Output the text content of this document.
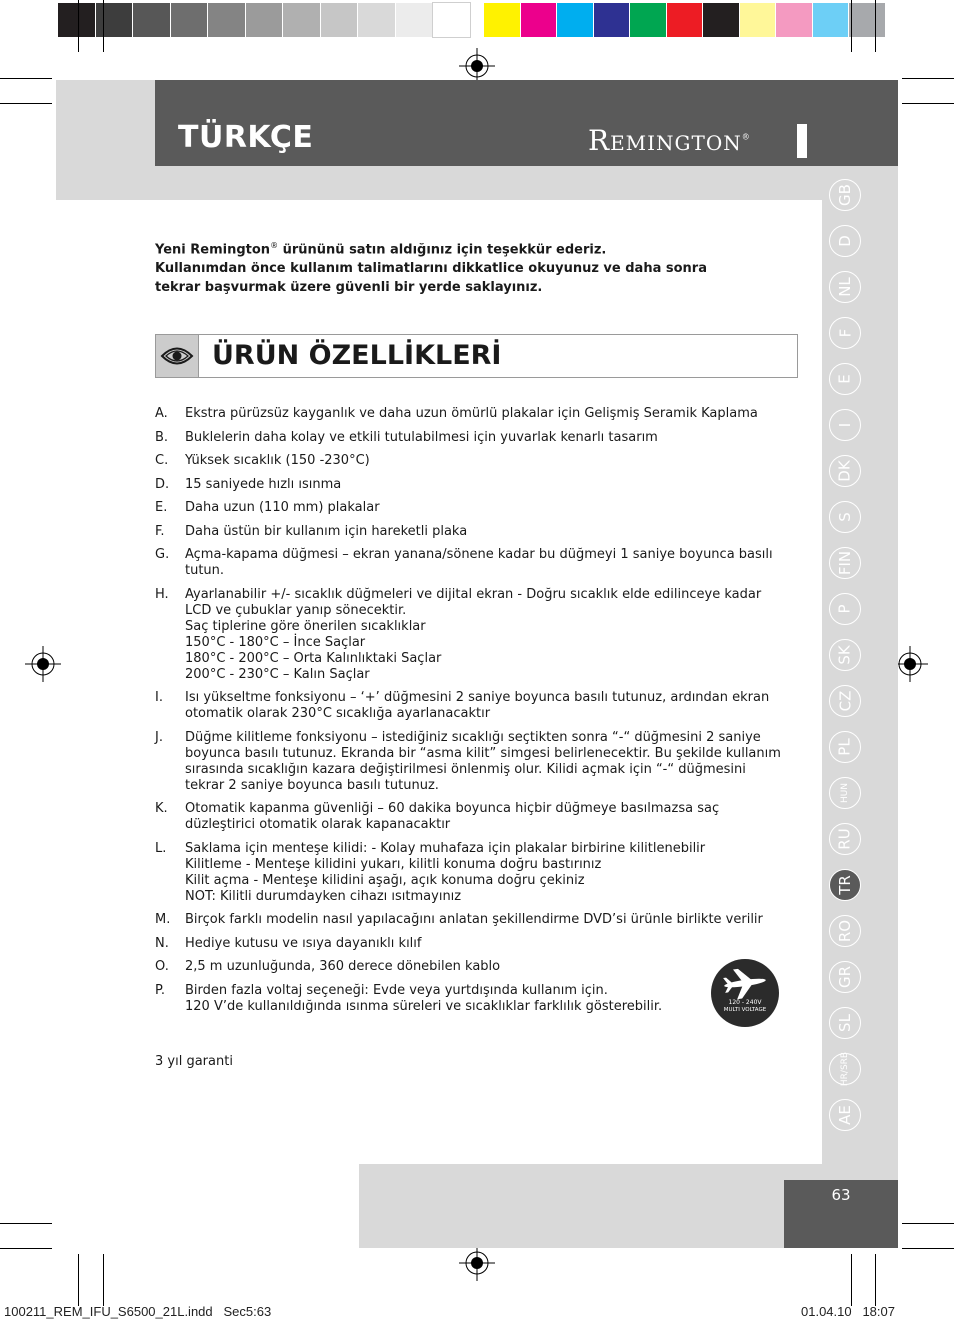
TÜRKÇE	Remington®
GB
D
NL
F
E
I
DK
S
FIN
P
SK
CZ
PL
HUN
RU
TR
RO
GR
SL
HR/SRB
AE

Yeni Remington® ürününü satın aldığınız için teşekkür ederiz.

Kullanımdan önce kullanım talimatlarını dikkatlice okuyunuz ve daha sonra

tekrar başvurmak üzere güvenli bir yerde saklayınız.

ÜRÜN ÖZELLİKLERİ
A.	Ekstra pürüzsüz kayganlık ve daha uzun ömürlü plakalar için Gelişmiş Seramik Kaplama
B.	Buklelerin daha kolay ve etkili tutulabilmesi için yuvarlak kenarlı tasarım
C.	Yüksek sıcaklık (150 -230°C)
D.	15 saniyede hızlı ısınma
E.	Daha uzun (110 mm) plakalar
F.	Daha üstün bir kullanım için hareketli plaka
G.	Açma-kapama düğmesi – ekran yanana/sönene kadar bu düğmeyi 1 saniye boyunca basılı
tutun.
H.	Ayarlanabilir +/- sıcaklık düğmeleri ve dijital ekran - Doğru sıcaklık elde edilinceye kadar
LCD ve çubuklar yanıp sönecektir.
Saç tiplerine göre önerilen sıcaklıklar
150°C - 180°C – İnce Saçlar
180°C - 200°C – Orta Kalınlıktaki Saçlar
200°C - 230°C – Kalın Saçlar
I.	Isı yükseltme fonksiyonu – ‘+’ düğmesini 2 saniye boyunca basılı tutunuz, ardından ekran
otomatik olarak 230°C sıcaklığa ayarlanacaktır
J.	Düğme kilitleme fonksiyonu – istediğiniz sıcaklığı seçtikten sonra “-“ düğmesini 2 saniye
boyunca basılı tutunuz. Ekranda bir “asma kilit” simgesi belirlenecektir. Bu şekilde kullanım
sırasında sıcaklığın kazara değiştirilmesi önlenmiş olur. Kilidi açmak için “-“ düğmesini
tekrar 2 saniye boyunca basılı tutunuz.
K.	Otomatik kapanma güvenliği – 60 dakika boyunca hiçbir düğmeye basılmazsa saç
düzleştirici otomatik olarak kapanacaktır
L.	Saklama için menteşe kilidi: - Kolay muhafaza için plakalar birbirine kilitlenebilir
Kilitleme - Menteşe kilidini yukarı, kilitli konuma doğru bastırınız
Kilit açma - Menteşe kilidini aşağı, açık konuma doğru çekiniz
NOT: Kilitli durumdayken cihazı ısıtmayınız
M.	Birçok farklı modelin nasıl yapılacağını anlatan şekillendirme DVD’si ürünle birlikte verilir
N.	Hediye kutusu ve ısıya dayanıklı kılıf
O.	2,5 m uzunluğunda, 360 derece dönebilen kablo
P.	Birden fazla voltaj seçeneği: Evde veya yurtdışında kullanım için.
120 V’de kullanıldığında ısınma süreleri ve sıcaklıklar farklılık gösterebilir.	120 - 240V
MULTI VOLTAGE
3 yıl garanti
63
100211_REM_IFU_S6500_21L.indd   Sec5:63	01.04.10   18:07
